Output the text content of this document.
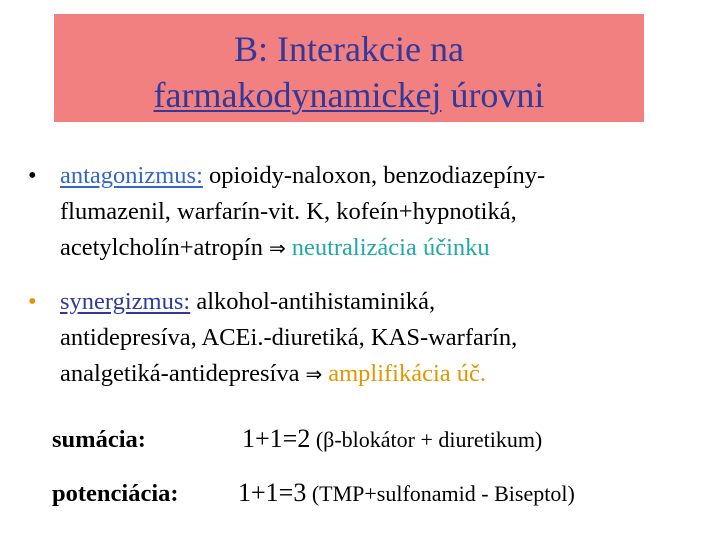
B: Interakcie na
farmakodynamickej úrovni
• antagonizmus: opioidy-naloxon, benzodiazepíny-
flumazenil, warfarín-vit. K, kofeín+hypnotiká,
acetylcholín+atropín ⇒ neutralizácia účinku
• synergizmus: alkohol-antihistaminiká,
antidepresíva, ACEi.-diuretiká, KAS-warfarín,
analgetiká-antidepresíva ⇒ amplifikácia úč.
sumácia:	1+1=2 (β-blokátor + diuretikum)
potenciácia: 1+1=3 (TMP+sulfonamid - Biseptol)
